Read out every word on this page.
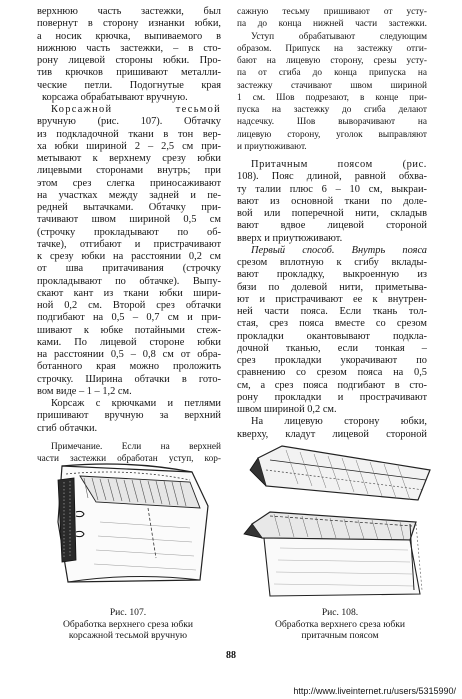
верхнюю часть застежки, был
повернут в сторону изнанки юбки,
а носик крючка, выпиваемого в
нижнюю часть застежки, – в сто-
рону лицевой стороны юбки. Про-
тив крючков пришивают металли-
ческие петли. Подогнутые края
корсажа обрабатывают вручную.
Корсажной тесьмой
вручную (рис. 107). Обтачку
из подкладочной ткани в тон вер-
ха юбки шириной 2 – 2,5 см при-
метывают к верхнему срезу юбки
лицевыми сторонами внутрь; при
этом срез слегка приносаживают
на участках между задней и пе-
редней вытачками. Обтачку при-
тачивают швом шириной 0,5 см
(строчку прокладывают по об-
тачке), отгибают и пристрачивают
к срезу юбки на расстоянии 0,2 см
от шва притачивания (строчку
прокладывают по обтачке). Выпу-
скают кант из ткани юбки шири-
ной 0,2 см. Второй срез обтачки
подгибают на 0,5 – 0,7 см и при-
шивают к юбке потайными стеж-
ками. По лицевой стороне юбки
на расстоянии 0,5 – 0,8 см от обра-
ботанного края можно проложить
строчку. Ширина обтачки в гото-
вом виде – 1 – 1,2 см.
Корсаж с крючками и петлями
пришивают вручную за верхний
сгиб обтачки.
Примечание. Если на верхней
части застежки обработан уступ, кор-
сажную тесьму пришивают от усту-
па до конца нижней части застежки.
Уступ обрабатывают следующим
образом. Припуск на застежку отги-
бают на лицевую сторону, срезы усту-
па от сгиба до конца припуска на
застежку стачивают швом шириной
1 см. Шов подрезают, в конце при-
пуска на застежку до сгиба делают
надсечку. Шов выворачивают на
лицевую сторону, уголок выправляют
и приутюживают.
Притачным поясом (рис.
108). Пояс длиной, равной обхва-
ту талии плюс 6 – 10 см, выкраи-
вают из основной ткани по доле-
вой или поперечной нити, складыв
вают вдвое лицевой стороной
вверх и приутюживают.
Первый способ. Внутрь пояса
срезом вплотную к сгибу вклады-
вают прокладку, выкроенную из
бязи по долевой нити, приметыва-
ют и пристрачивают ее к внутрен-
ней части пояса. Если ткань тол-
стая, срез пояса вместе со срезом
прокладки окантовывают подкла-
дочной тканью, если тонкая –
срез прокладки укорачивают по
сравнению со срезом пояса на 0,5
см, а срез пояса подгибают в сто-
рону прокладки и прострачивают
швом шириной 0,2 см.
На лицевую сторону юбки,
кверху, кладут лицевой стороной
Рис. 107.
Обработка верхнего среза юбки
корсажной тесьмой вручную
Рис. 108.
Обработка верхнего среза юбки
притачным поясом
88
http://www.liveinternet.ru/users/5315990/
